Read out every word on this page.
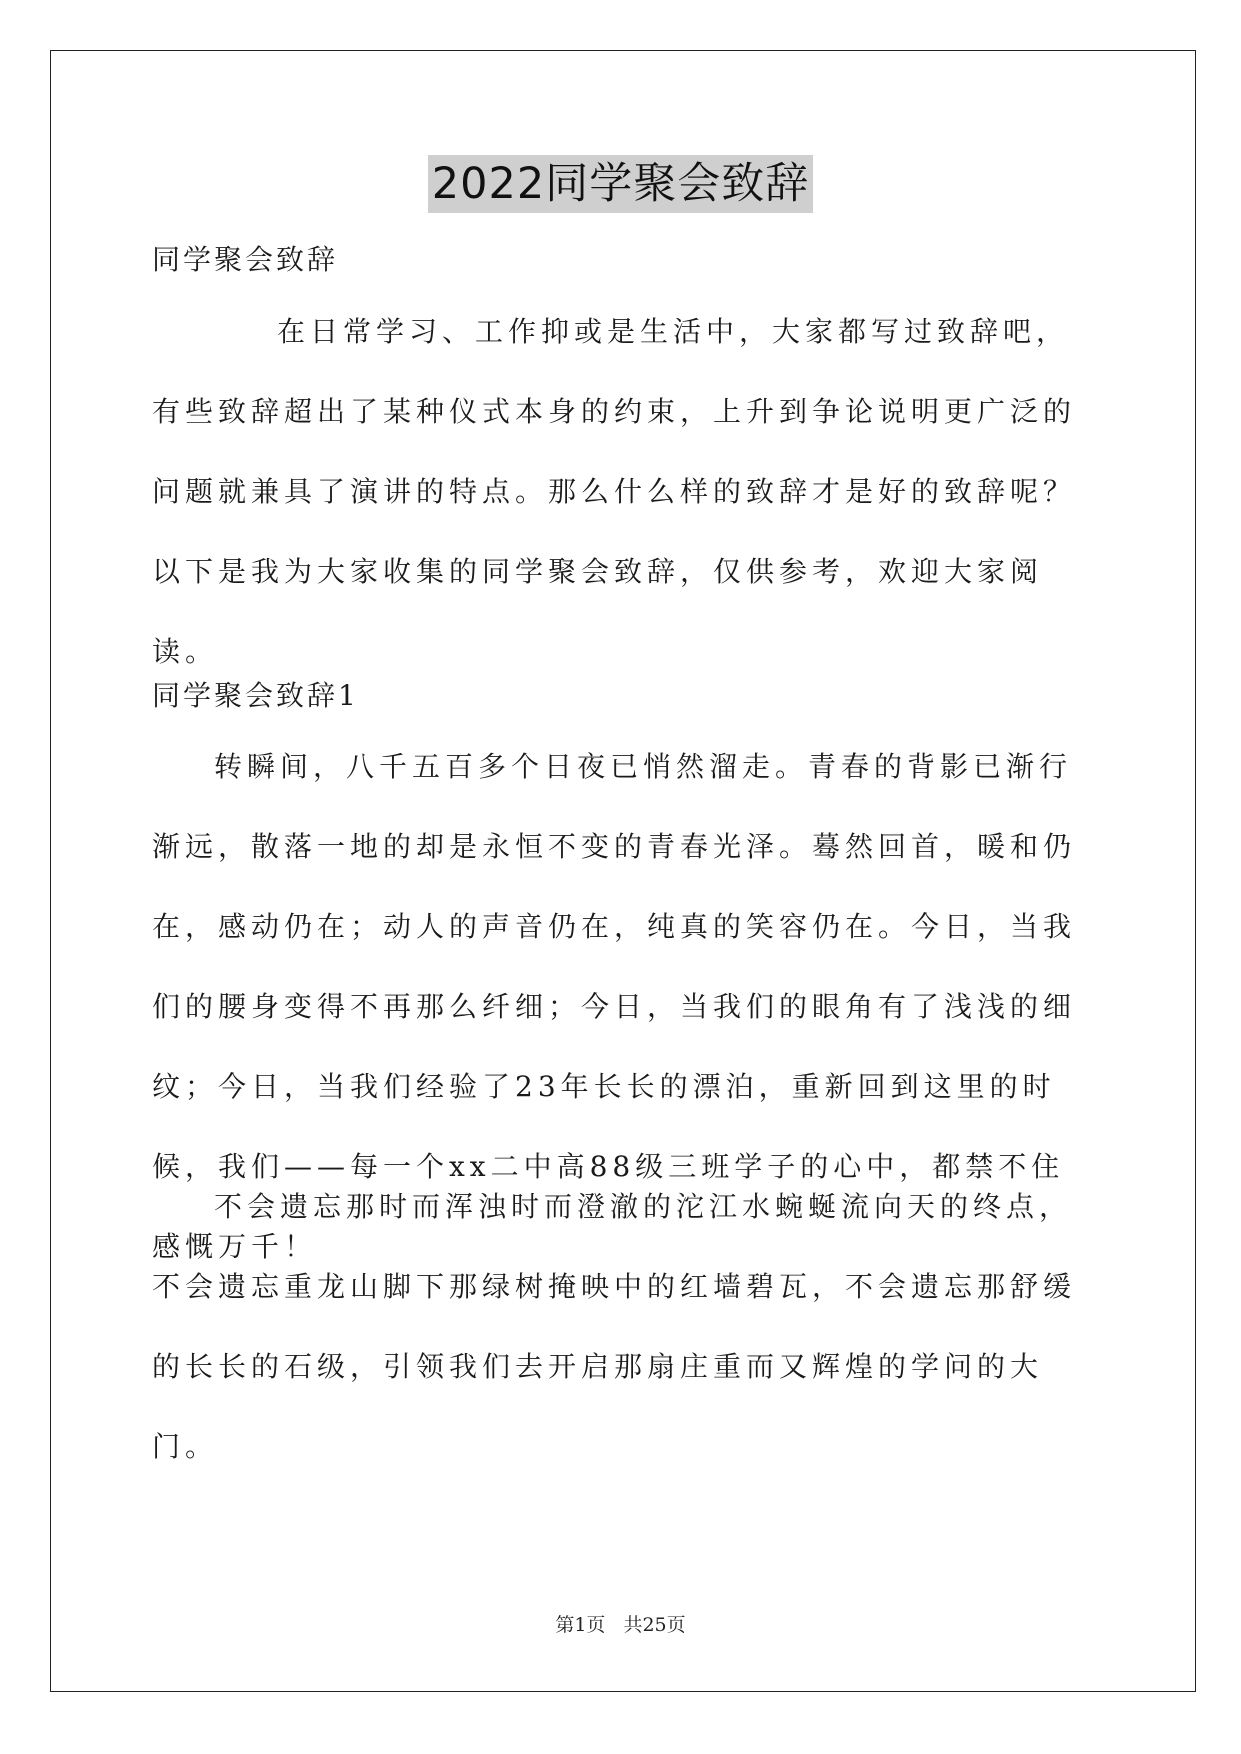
2022同学聚会致辞

同学聚会致辞

在日常学习、工作抑或是生活中，大家都写过致辞吧，有些致辞超出了某种仪式本身的约束，上升到争论说明更广泛的问题就兼具了演讲的特点。那么什么样的致辞才是好的致辞呢？以下是我为大家收集的同学聚会致辞，仅供参考，欢迎大家阅读。

同学聚会致辞1

转瞬间，八千五百多个日夜已悄然溜走。青春的背影已渐行渐远，散落一地的却是永恒不变的青春光泽。蓦然回首，暖和仍在，感动仍在；动人的声音仍在，纯真的笑容仍在。今日，当我们的腰身变得不再那么纤细；今日，当我们的眼角有了浅浅的细纹；今日，当我们经验了23年长长的漂泊，重新回到这里的时候，我们——每一个xx二中高88级三班学子的心中，都禁不住感慨万千！

不会遗忘那时而浑浊时而澄澈的沱江水蜿蜒流向天的终点，不会遗忘重龙山脚下那绿树掩映中的红墙碧瓦，不会遗忘那舒缓的长长的石级，引领我们去开启那扇庄重而又辉煌的学问的大门。

第1页 共25页
